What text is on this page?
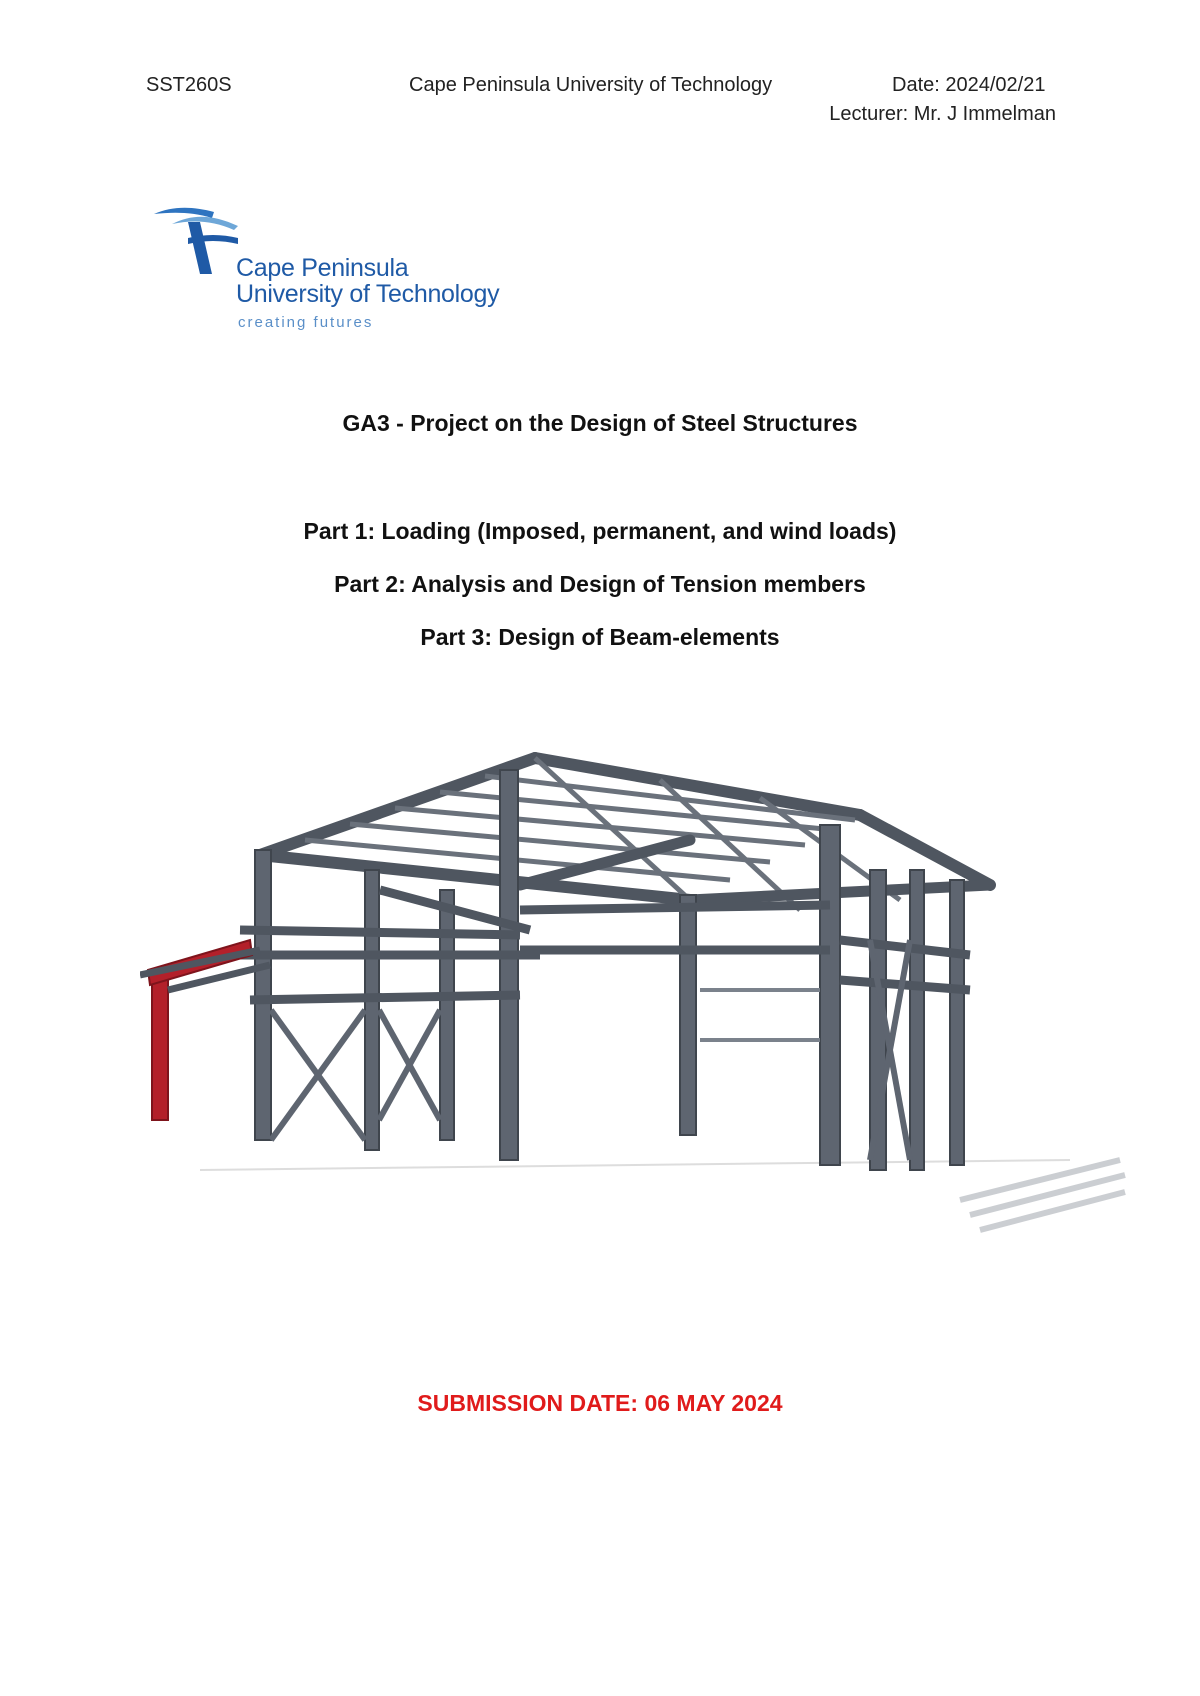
SST260S	Cape Peninsula University of Technology	Date: 2024/02/21
Lecturer: Mr. J Immelman
Cape Peninsula
University of Technology
creating futures
GA3 - Project on the Design of Steel Structures
Part 1: Loading (Imposed, permanent, and wind loads)
Part 2: Analysis and Design of Tension members
Part 3: Design of Beam-elements
SUBMISSION DATE: 06 MAY 2024
